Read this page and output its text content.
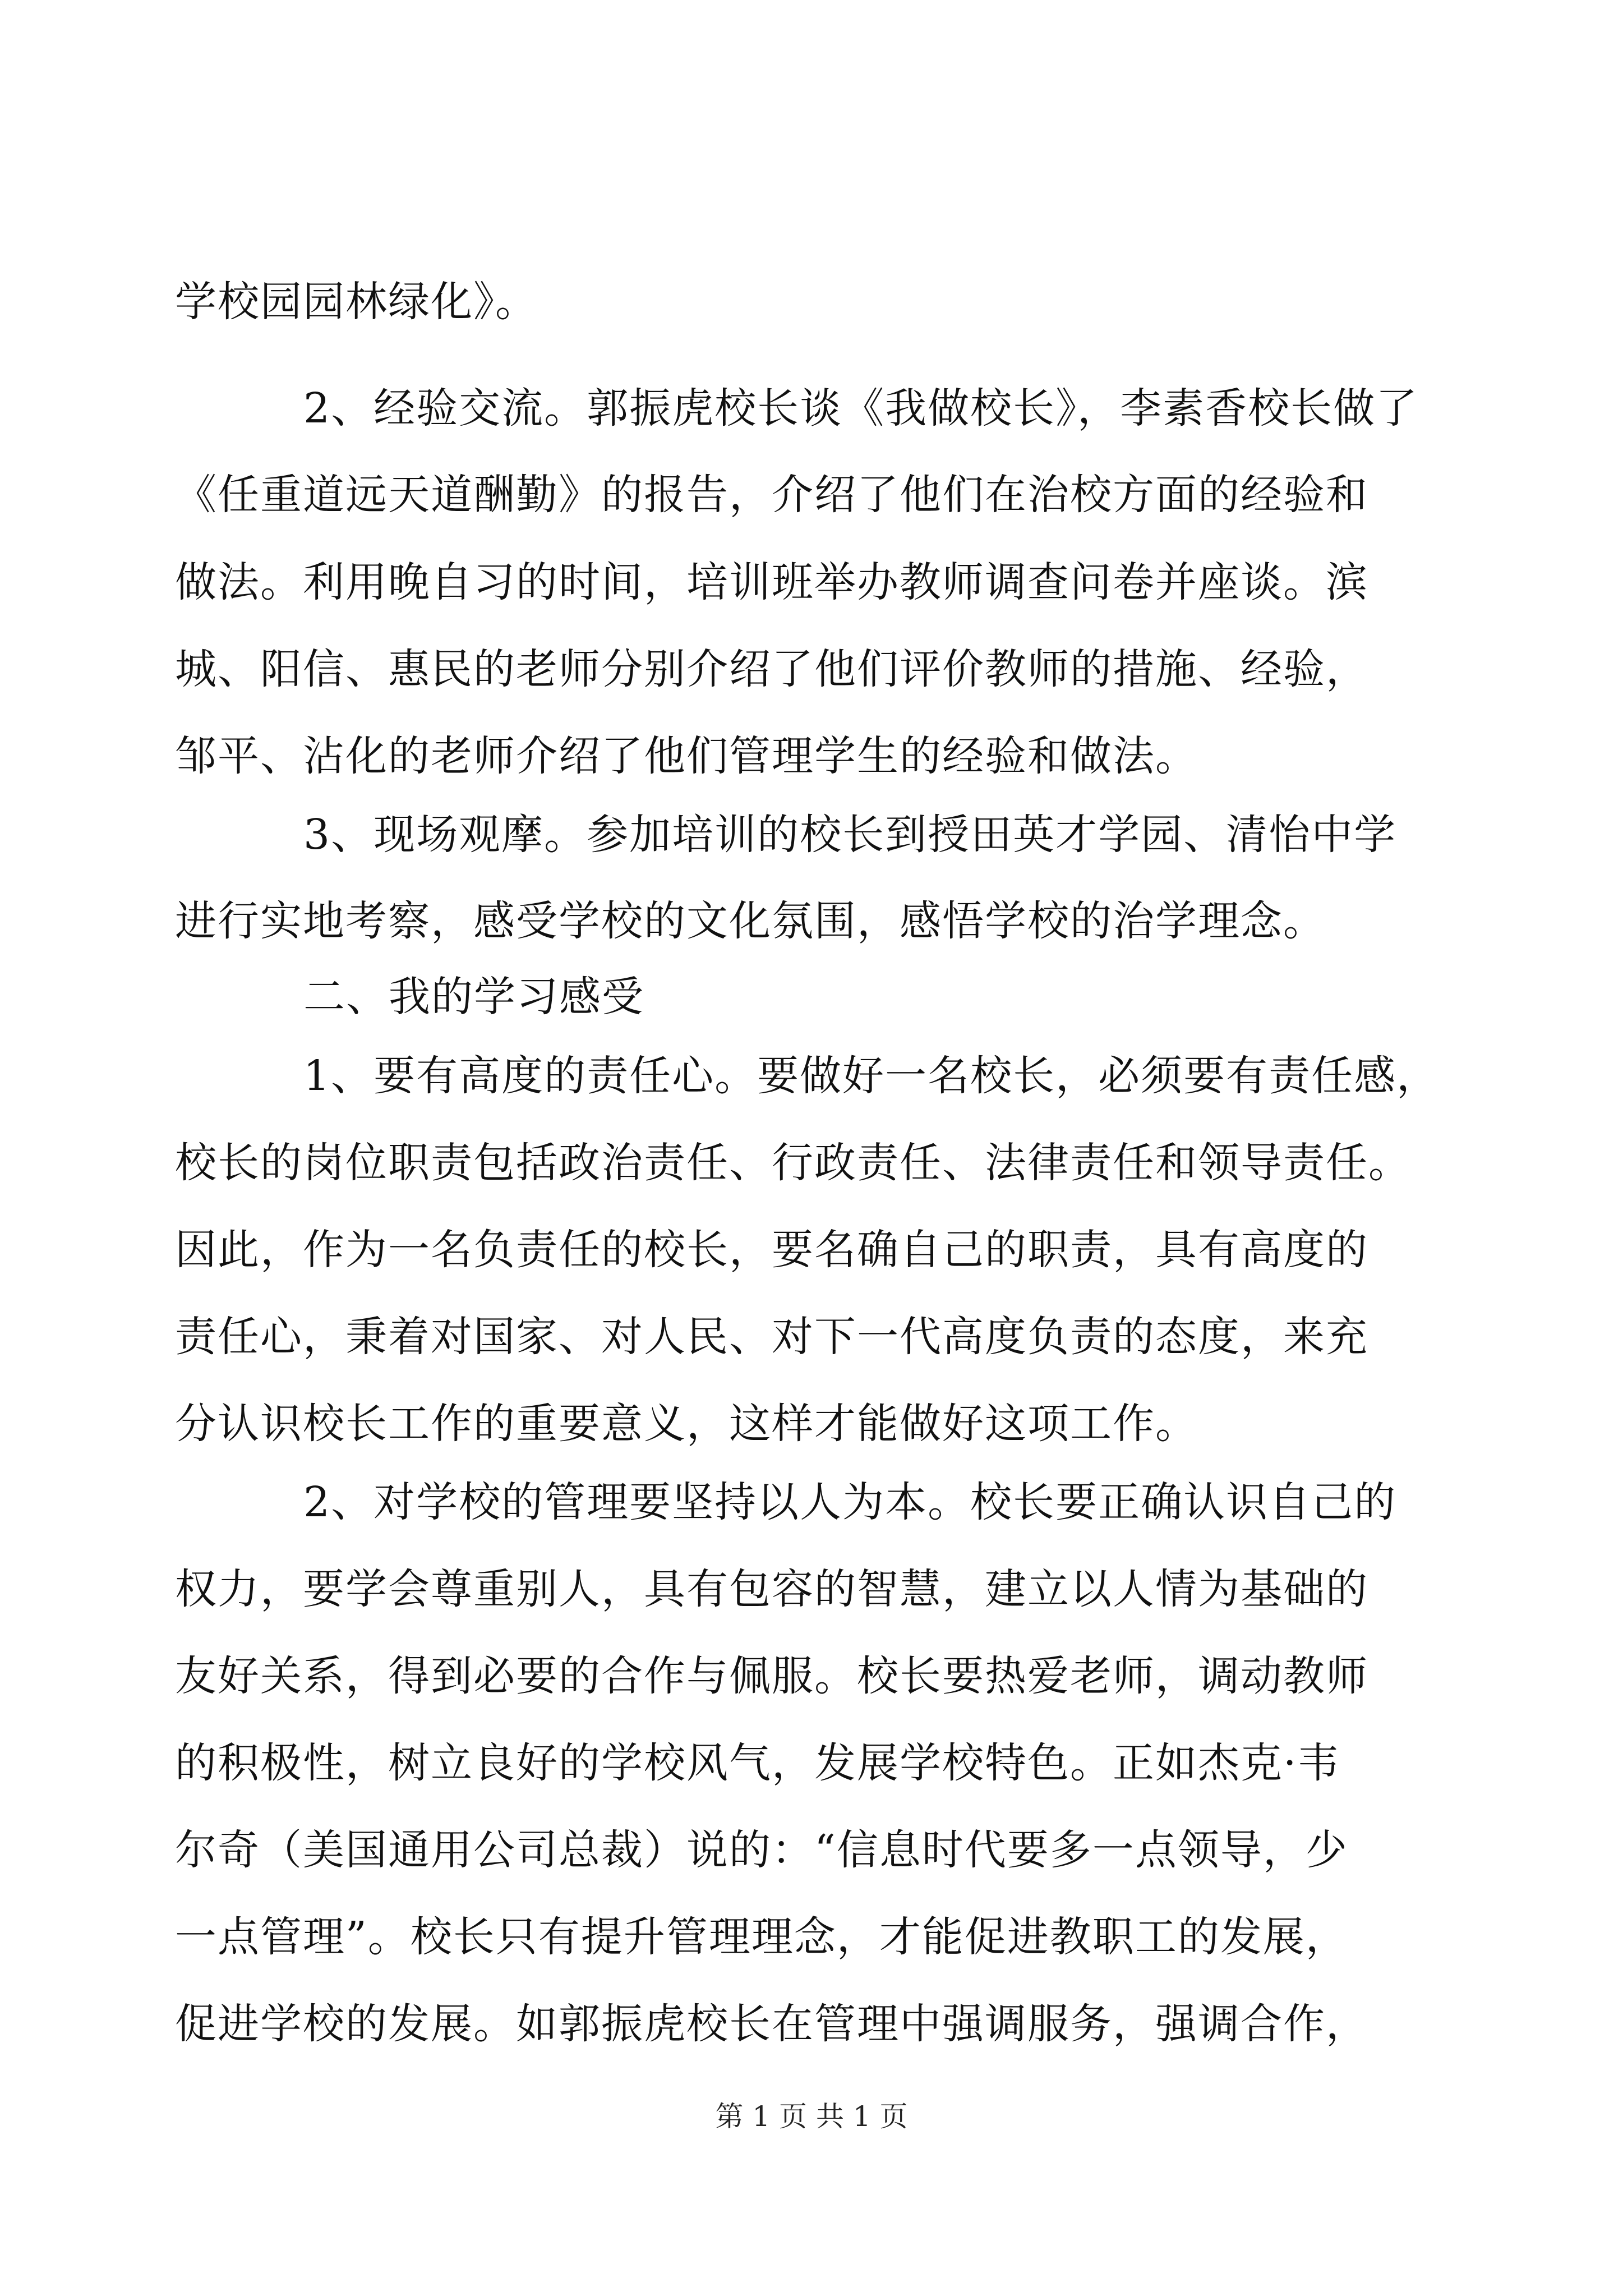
学校园园林绿化》。
2、经验交流。郭振虎校长谈《我做校长》，李素香校长做了
《任重道远天道酬勤》的报告，介绍了他们在治校方面的经验和
做法。利用晚自习的时间，培训班举办教师调查问卷并座谈。滨
城、阳信、惠民的老师分别介绍了他们评价教师的措施、经验，
邹平、沾化的老师介绍了他们管理学生的经验和做法。
3、现场观摩。参加培训的校长到授田英才学园、清怡中学
进行实地考察，感受学校的文化氛围，感悟学校的治学理念。
二、我的学习感受
1、要有高度的责任心。要做好一名校长，必须要有责任感，
校长的岗位职责包括政治责任、行政责任、法律责任和领导责任。
因此，作为一名负责任的校长，要名确自己的职责，具有高度的
责任心，秉着对国家、对人民、对下一代高度负责的态度，来充
分认识校长工作的重要意义，这样才能做好这项工作。
2、对学校的管理要坚持以人为本。校长要正确认识自己的
权力，要学会尊重别人，具有包容的智慧，建立以人情为基础的
友好关系，得到必要的合作与佩服。校长要热爱老师，调动教师
的积极性，树立良好的学校风气，发展学校特色。正如杰克·韦
尔奇（美国通用公司总裁）说的：“信息时代要多一点领导，少
一点管理”。校长只有提升管理理念，才能促进教职工的发展，
促进学校的发展。如郭振虎校长在管理中强调服务，强调合作，
第 1 页 共 1 页
